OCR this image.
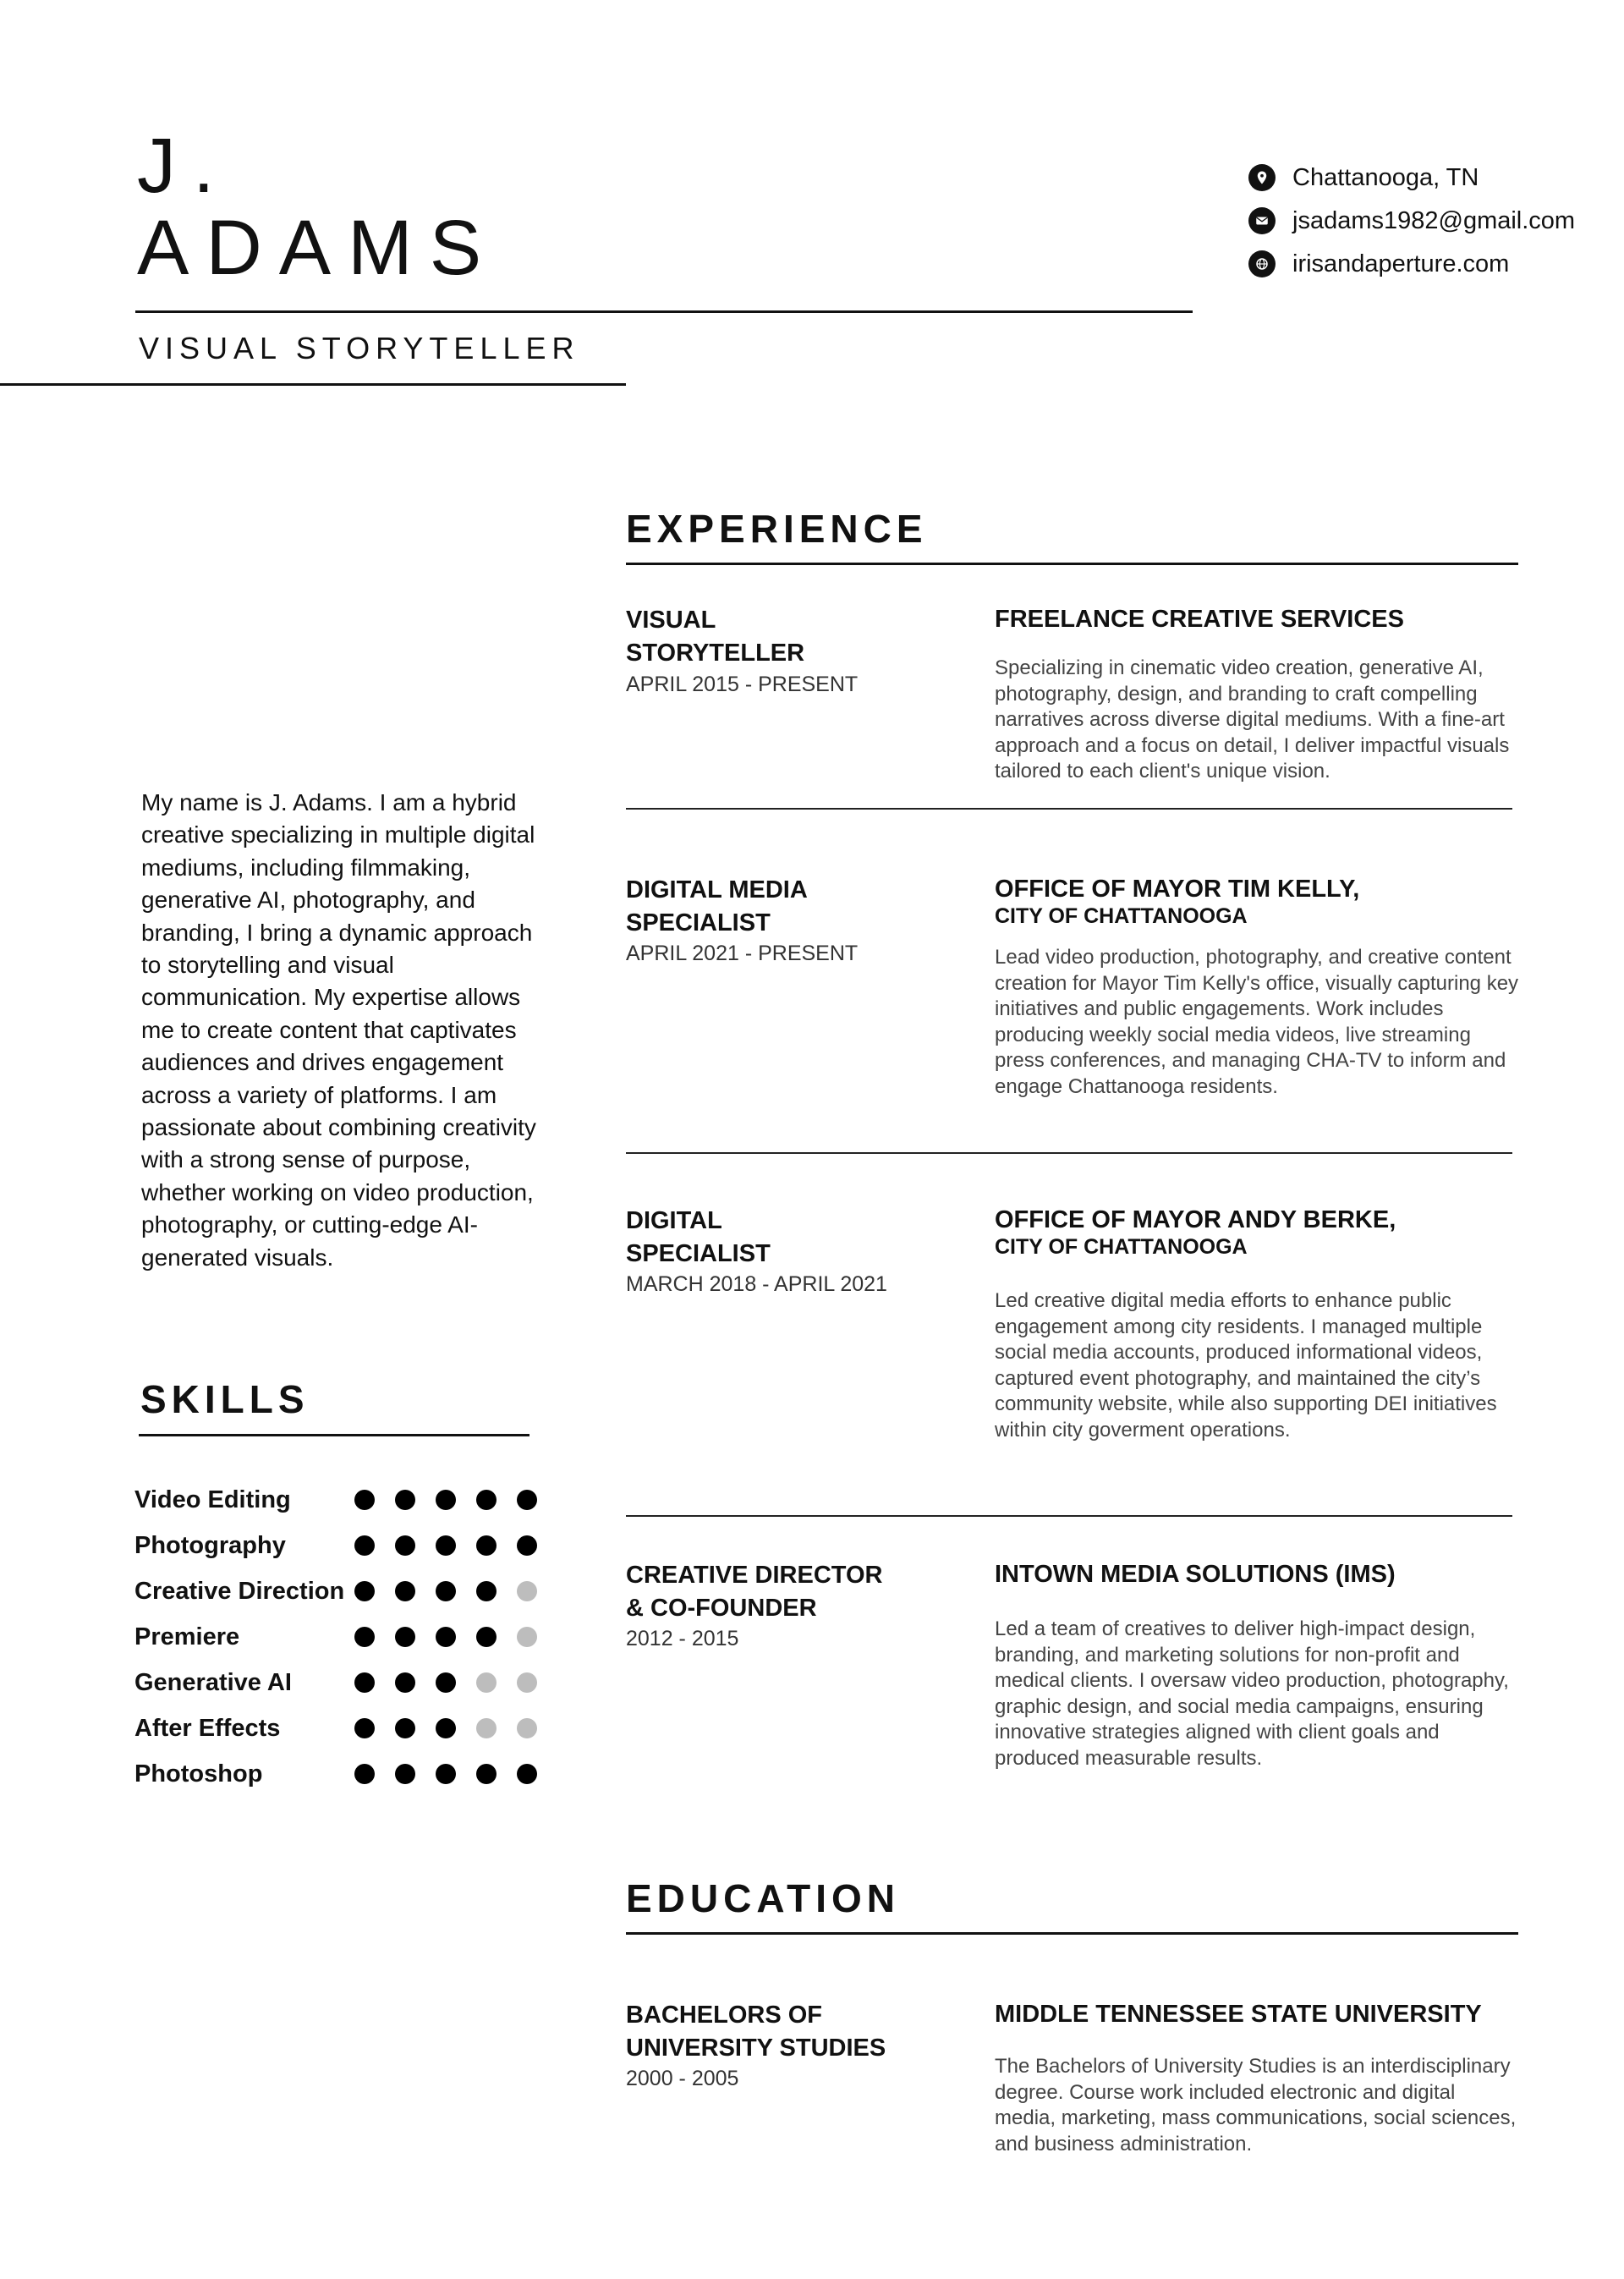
J.
ADAMS
VISUAL STORYTELLER
Chattanooga, TN
jsadams1982@gmail.com
irisandaperture.com
My name is J. Adams. I am a hybrid creative specializing in multiple digital mediums, including filmmaking, generative AI, photography, and branding, I bring a dynamic approach to storytelling and visual communication. My expertise allows me to create content that captivates audiences and drives engagement across a variety of platforms. I am passionate about combining creativity with a strong sense of purpose, whether working on video production, photography, or cutting-edge AI-generated visuals.
SKILLS
Video Editing
Photography
Creative Direction
Premiere
Generative AI
After Effects
Photoshop
EXPERIENCE
VISUAL
STORYTELLER
APRIL 2015 - PRESENT
FREELANCE CREATIVE SERVICES
Specializing in cinematic video creation, generative AI, photography, design, and branding to craft compelling narratives across diverse digital mediums. With a fine-art approach and a focus on detail, I deliver impactful visuals tailored to each client's unique vision.
DIGITAL MEDIA
SPECIALIST
APRIL 2021 - PRESENT
OFFICE OF MAYOR TIM KELLY,
CITY OF CHATTANOOGA
Lead video production, photography, and creative content creation for Mayor Tim Kelly's office, visually capturing key initiatives and public engagements. Work includes producing weekly social media videos, live streaming press conferences, and managing CHA-TV to inform and engage Chattanooga residents.
DIGITAL
SPECIALIST
MARCH 2018 - APRIL 2021
OFFICE OF MAYOR ANDY BERKE,
CITY OF CHATTANOOGA
Led creative digital media efforts to enhance public engagement among city residents. I managed multiple social media accounts, produced informational videos, captured event photography, and maintained the city’s community website, while also supporting DEI initiatives within city goverment operations.
CREATIVE DIRECTOR
& CO-FOUNDER
2012 - 2015
INTOWN MEDIA SOLUTIONS (IMS)
Led a team of creatives to deliver high-impact design, branding, and marketing solutions for non-profit and medical clients. I oversaw video production, photography, graphic design, and social media campaigns, ensuring innovative strategies aligned with client goals and produced measurable results.
EDUCATION
BACHELORS OF
UNIVERSITY STUDIES
2000 - 2005
MIDDLE TENNESSEE STATE UNIVERSITY
The Bachelors of University Studies is an interdisciplinary degree. Course work included electronic and digital media, marketing, mass communications, social sciences, and business administration.
